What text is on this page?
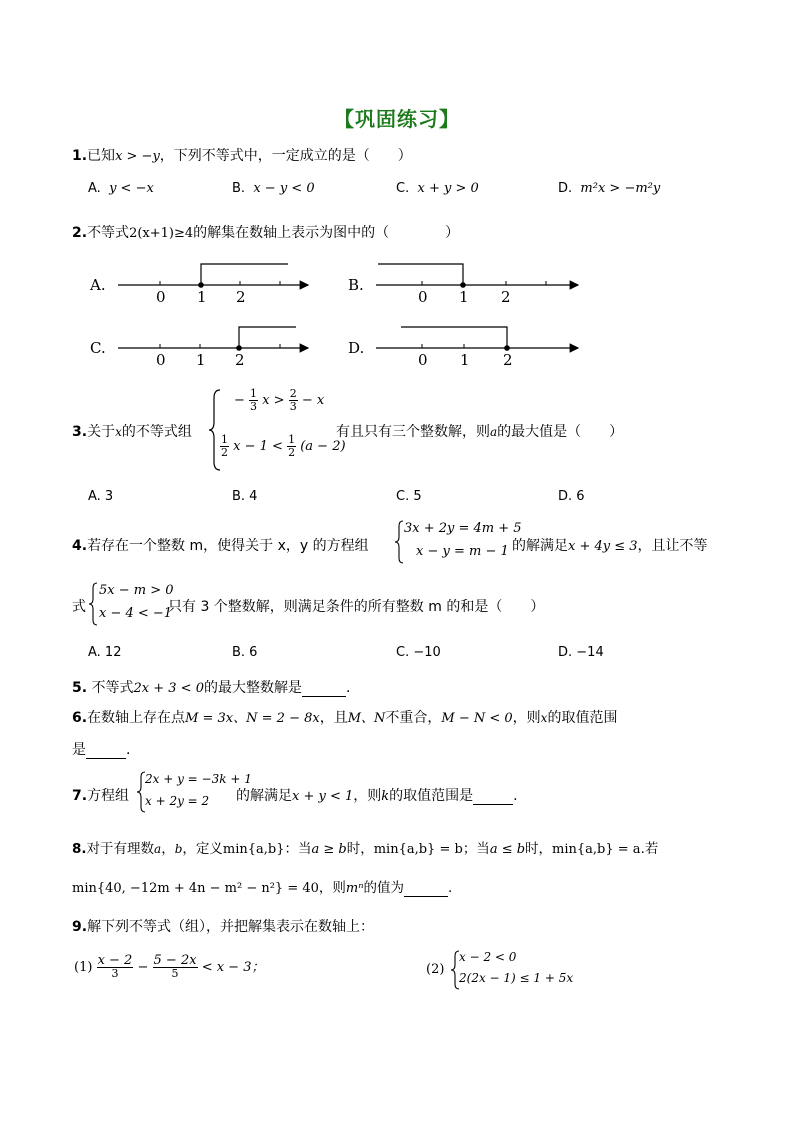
【巩固练习】
1.已知x > −y，下列不等式中，一定成立的是（　　）
A. y < −x	B. x − y < 0	C. x + y > 0	D. m²x > −m²y
2.不等式2(x+1)≥4的解集在数轴上表示为图中的（　　　　）
A.
0 1 2
B.
0 1 2
C.
0 1 2
D.
0 1 2
3.关于x的不等式组
− $\frac{1}{3}$ $x > \frac{2}{3} - x$
$\frac{1}{2}$ $x - 1 < \frac{1}{2} (a - 2)$
有且只有三个整数解，则a的最大值是（　　）
A. 3	B. 4	C. 5	D. 6
4.若存在一个整数 m，使得关于 x，y 的方程组
3x + 2y = 4m + 5
x − y = m − 1 的解满足x + 4y ≤ 3，且让不等
式
5x − m > 0
x − 4 < −1
只有 3 个整数解，则满足条件的所有整数 m 的和是（　　）
A. 12	B. 6	C. −10	D. −14
5. 不等式2x + 3 < 0的最大整数解是	.
6.在数轴上存在点M = 3x、N = 2 − 8x，且M、N不重合，M − N < 0，则x的取值范围
是	.
7.方程组
2x + y = −3k + 1
x + 2y = 2 的解满足x + y < 1，则k的取值范围是	.
8.对于有理数a，b，定义min{a,b}：当a ≥ b时，min{a,b} = b；当a ≤ b时，min{a,b} = a.若
min{40, −12m + 4n − m² − n²} = 40，则mⁿ的值为	.
9.解下列不等式（组），并把解集表示在数轴上：
$(1) \frac{x - 2}{3} - \frac{5 - 2x}{5} < x - 3$；	(2)
x − 2 < 0
2(2x − 1) ≤ 1 + 5x
